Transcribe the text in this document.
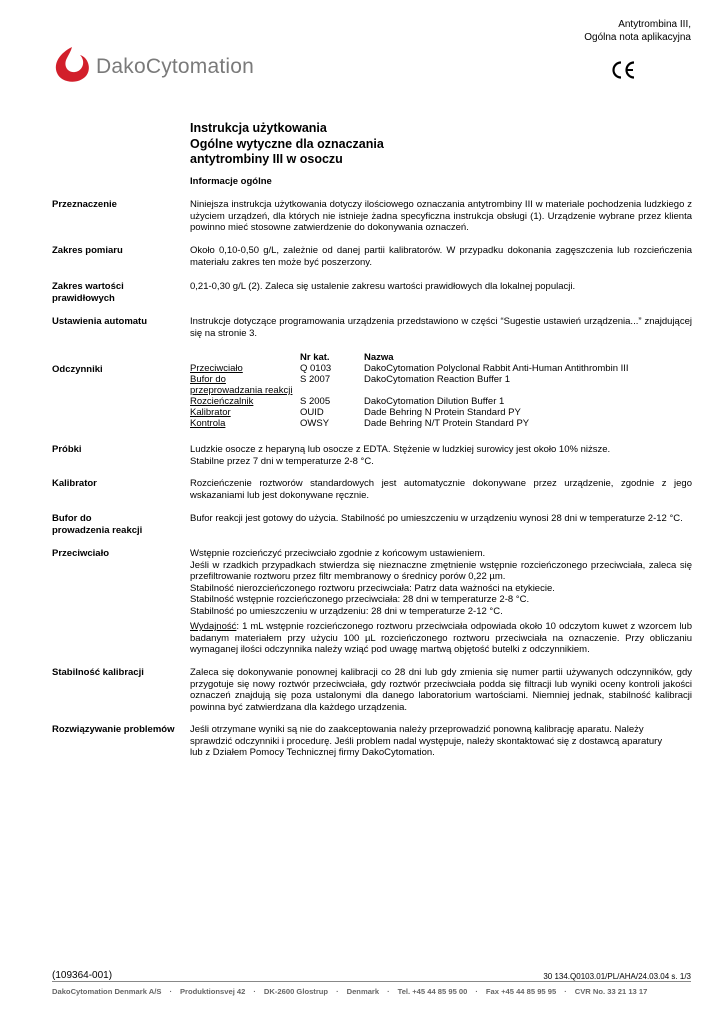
Antytrombina III,
Ogólna nota aplikacyjna
DakoCytomation
Instrukcja użytkowania
Ogólne wytyczne dla oznaczania
antytrombiny III w osoczu
Informacje ogólne
Przeznaczenie	Niniejsza instrukcja użytkowania dotyczy ilościowego oznaczania antytrombiny III w materiale pochodzenia ludzkiego z użyciem urządzeń, dla których nie istnieje żadna specyficzna instrukcja obsługi (1). Urządzenie wybrane przez klienta powinno mieć stosowne zatwierdzenie do dokonywania oznaczeń.
Zakres pomiaru	Około 0,10-0,50 g/L, zależnie od danej partii kalibratorów. W przypadku dokonania zagęszczenia lub rozcieńczenia materiału zakres ten może być poszerzony.
Zakres wartości
prawidłowych
0,21-0,30 g/L (2). Zaleca się ustalenie zakresu wartości prawidłowych dla lokalnej populacji.
Ustawienia automatu	Instrukcje dotyczące programowania urządzenia przedstawiono w części “Sugestie ustawień urządzenia...” znajdującej się na stronie 3.
Odczynniki
Nr kat.	Nazwa
Przeciwciało	Q 0103	DakoCytomation Polyclonal Rabbit Anti-Human Antithrombin III
Bufor do	S 2007	DakoCytomation Reaction Buffer 1
przeprowadzania reakcji
Rozcieńczalnik	S 2005	DakoCytomation Dilution Buffer 1
Kalibrator	OUID	Dade Behring N Protein Standard PY
Kontrola	OWSY	Dade Behring N/T Protein Standard PY
Próbki	Ludzkie osocze z heparyną lub osocze z EDTA. Stężenie w ludzkiej surowicy jest około 10% niższe.
Stabilne przez 7 dni w temperaturze 2-8 °C.
Kalibrator	Rozcieńczenie roztworów standardowych jest automatycznie dokonywane przez urządzenie, zgodnie z jego wskazaniami lub jest dokonywane ręcznie.
Bufor do
prowadzenia reakcji
Bufor reakcji jest gotowy do użycia. Stabilność po umieszczeniu w urządzeniu wynosi 28 dni w temperaturze 2-12 °C.
Przeciwciało	Wstępnie rozcieńczyć przeciwciało zgodnie z końcowym ustawieniem.

Jeśli w rzadkich przypadkach stwierdza się nieznaczne zmętnienie wstępnie rozcieńczonego przeciwciała, zaleca się przefiltrowanie roztworu przez filtr membranowy o średnicy porów 0,22 µm.

Stabilność nierozcieńczonego roztworu przeciwciała: Patrz data ważności na etykiecie.

Stabilność wstępnie rozcieńczonego przeciwciała: 28 dni w temperaturze 2-8 °C.

Stabilność po umieszczeniu w urządzeniu: 28 dni w temperaturze 2-12 °C.

Wydajność: 1 mL wstępnie rozcieńczonego roztworu przeciwciała odpowiada około 10 odczytom kuwet z wzorcem lub badanym materiałem przy użyciu 100 µL rozcieńczonego roztworu przeciwciała na oznaczenie. Przy obliczaniu wymaganej ilości odczynnika należy wziąć pod uwagę martwą objętość butelki z odczynnikiem.

Stabilność kalibracji	Zaleca się dokonywanie ponownej kalibracji co 28 dni lub gdy zmienia się numer partii używanych odczynników, gdy przygotuje się nowy roztwór przeciwciała, gdy roztwór przeciwciała podda się filtracji lub wyniki oceny kontroli jakości oznaczeń znajdują się poza ustalonymi dla danego laboratorium wartościami. Niemniej jednak, stabilność kalibracji powinna być zatwierdzana dla każdego urządzenia.
Rozwiązywanie problemów	Jeśli otrzymane wyniki są nie do zaakceptowania należy przeprowadzić ponowną kalibrację aparatu. Należy
sprawdzić odczynniki i procedurę. Jeśli problem nadal występuje, należy skontaktować się z dostawcą aparatury
lub z Działem Pomocy Technicznej firmy DakoCytomation.
(109364-001)	30 134.Q0103.01/PL/AHA/24.03.04 s. 1/3
DakoCytomation Denmark A/S · Produktionsvej 42 · DK-2600 Glostrup · Denmark · Tel. +45 44 85 95 00 · Fax +45 44 85 95 95 · CVR No. 33 21 13 17
